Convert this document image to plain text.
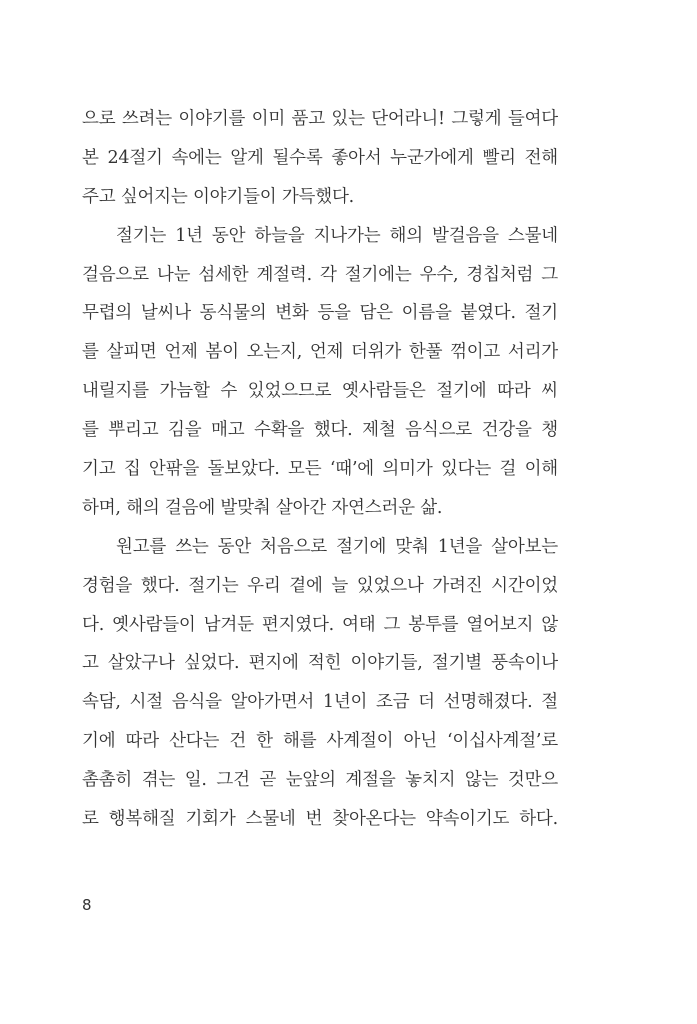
으로 쓰려는 이야기를 이미 품고 있는 단어라니! 그렇게 들여다
본 24절기 속에는 알게 될수록 좋아서 누군가에게 빨리 전해
주고 싶어지는 이야기들이 가득했다.
절기는 1년 동안 하늘을 지나가는 해의 발걸음을 스물네
걸음으로 나눈 섬세한 계절력. 각 절기에는 우수, 경칩처럼 그
무렵의 날씨나 동식물의 변화 등을 담은 이름을 붙였다. 절기
를 살피면 언제 봄이 오는지, 언제 더위가 한풀 꺾이고 서리가
내릴지를 가늠할 수 있었으므로 옛사람들은 절기에 따라 씨
를 뿌리고 김을 매고 수확을 했다. 제철 음식으로 건강을 챙
기고 집 안팎을 돌보았다. 모든 ‘때’에 의미가 있다는 걸 이해
하며, 해의 걸음에 발맞춰 살아간 자연스러운 삶.
원고를 쓰는 동안 처음으로 절기에 맞춰 1년을 살아보는
경험을 했다. 절기는 우리 곁에 늘 있었으나 가려진 시간이었
다. 옛사람들이 남겨둔 편지였다. 여태 그 봉투를 열어보지 않
고 살았구나 싶었다. 편지에 적힌 이야기들, 절기별 풍속이나
속담, 시절 음식을 알아가면서 1년이 조금 더 선명해졌다. 절
기에 따라 산다는 건 한 해를 사계절이 아닌 ‘이십사계절’로
촘촘히 겪는 일. 그건 곧 눈앞의 계절을 놓치지 않는 것만으
로 행복해질 기회가 스물네 번 찾아온다는 약속이기도 하다.
8
